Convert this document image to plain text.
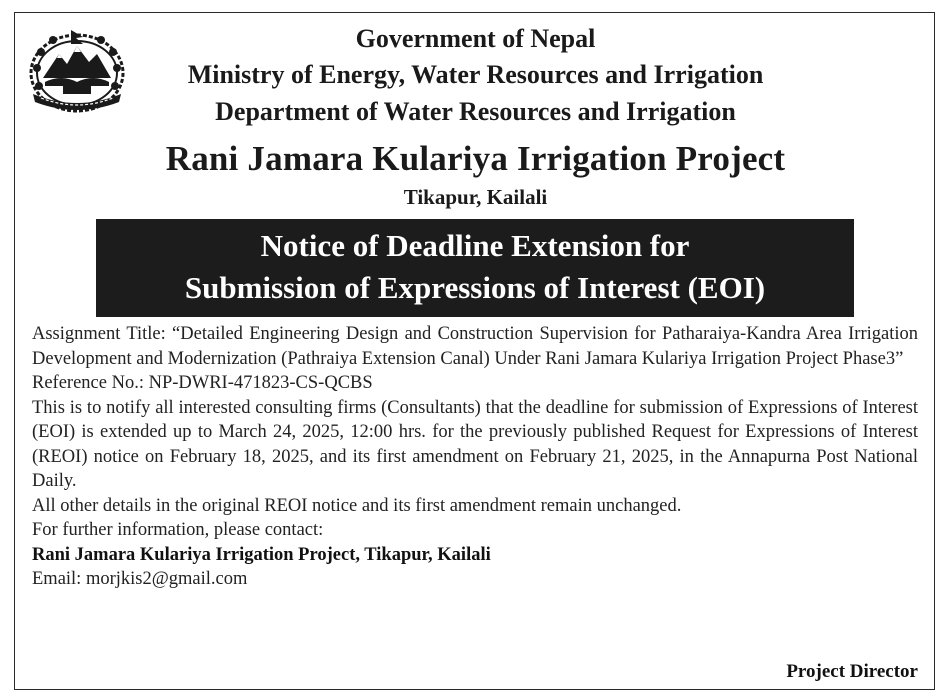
Government of Nepal
Ministry of Energy, Water Resources and Irrigation
Department of Water Resources and Irrigation
Rani Jamara Kulariya Irrigation Project
Tikapur, Kailali
Notice of Deadline Extension for
Submission of Expressions of Interest (EOI)

Assignment Title: “Detailed Engineering Design and Construction Supervision for Patharaiya-Kandra Area Irrigation Development and Modernization (Pathraiya Extension Canal) Under Rani Jamara Kulariya Irrigation Project Phase3”

Reference No.: NP-DWRI-471823-CS-QCBS

This is to notify all interested consulting firms (Consultants) that the deadline for submission of Expressions of Interest (EOI) is extended up to March 24, 2025, 12:00 hrs. for the previously published Request for Expressions of Interest (REOI) notice on February 18, 2025, and its first amendment on February 21, 2025, in the Annapurna Post National Daily.

All other details in the original REOI notice and its first amendment remain unchanged.

For further information, please contact:

Rani Jamara Kulariya Irrigation Project, Tikapur, Kailali

Email: morjkis2@gmail.com

Project Director
